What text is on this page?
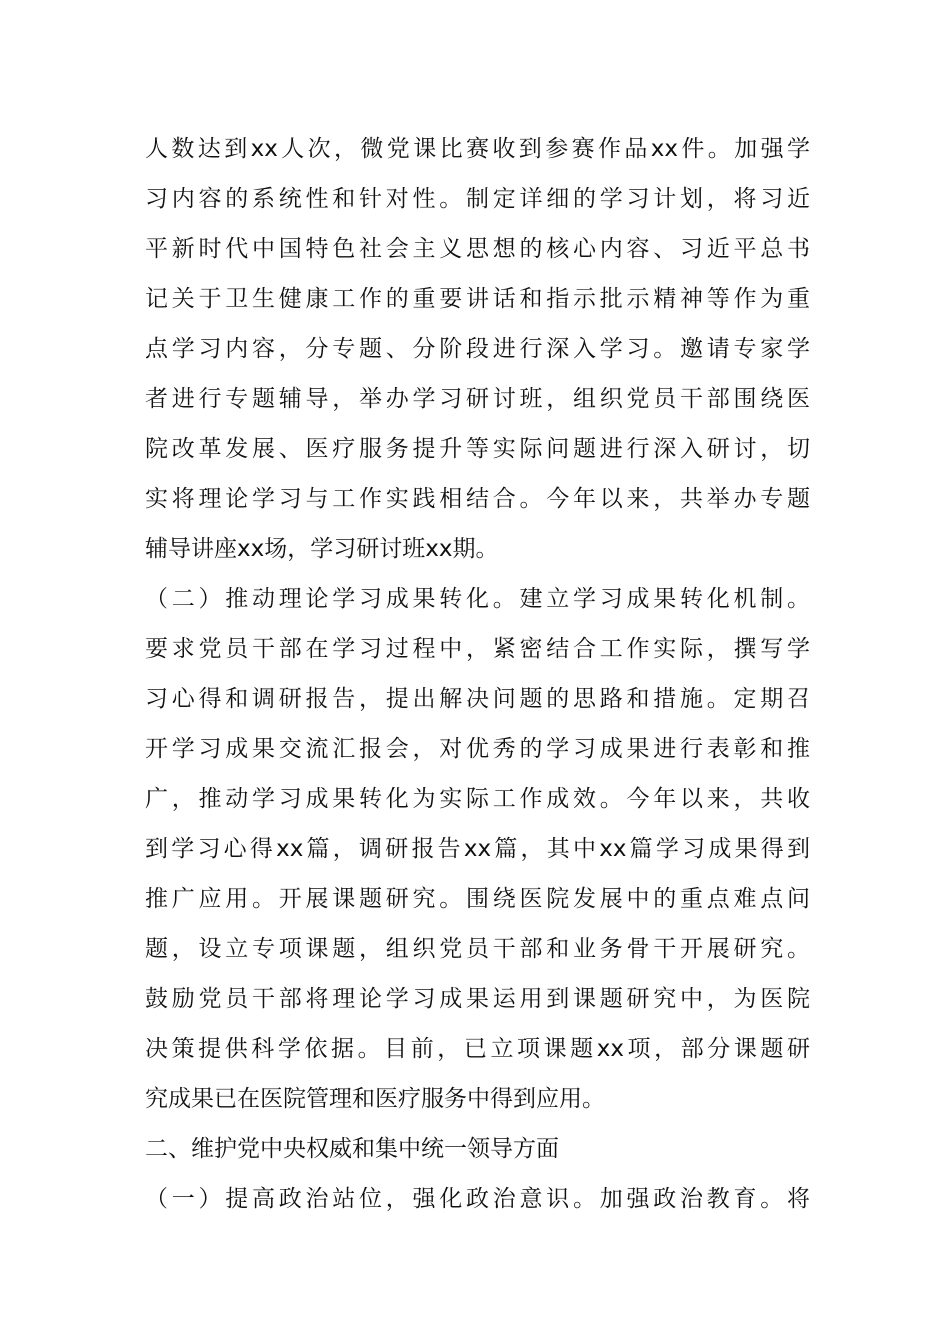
人数达到xx人次，微党课比赛收到参赛作品xx件。加强学
习内容的系统性和针对性。制定详细的学习计划，将习近
平新时代中国特色社会主义思想的核心内容、习近平总书
记关于卫生健康工作的重要讲话和指示批示精神等作为重
点学习内容，分专题、分阶段进行深入学习。邀请专家学
者进行专题辅导，举办学习研讨班，组织党员干部围绕医
院改革发展、医疗服务提升等实际问题进行深入研讨，切
实将理论学习与工作实践相结合。今年以来，共举办专题
辅导讲座xx场，学习研讨班xx期。
（二）推动理论学习成果转化。建立学习成果转化机制。
要求党员干部在学习过程中，紧密结合工作实际，撰写学
习心得和调研报告，提出解决问题的思路和措施。定期召
开学习成果交流汇报会，对优秀的学习成果进行表彰和推
广，推动学习成果转化为实际工作成效。今年以来，共收
到学习心得xx篇，调研报告xx篇，其中xx篇学习成果得到
推广应用。开展课题研究。围绕医院发展中的重点难点问
题，设立专项课题，组织党员干部和业务骨干开展研究。
鼓励党员干部将理论学习成果运用到课题研究中，为医院
决策提供科学依据。目前，已立项课题xx项，部分课题研
究成果已在医院管理和医疗服务中得到应用。
二、维护党中央权威和集中统一领导方面
（一）提高政治站位，强化政治意识。加强政治教育。将
